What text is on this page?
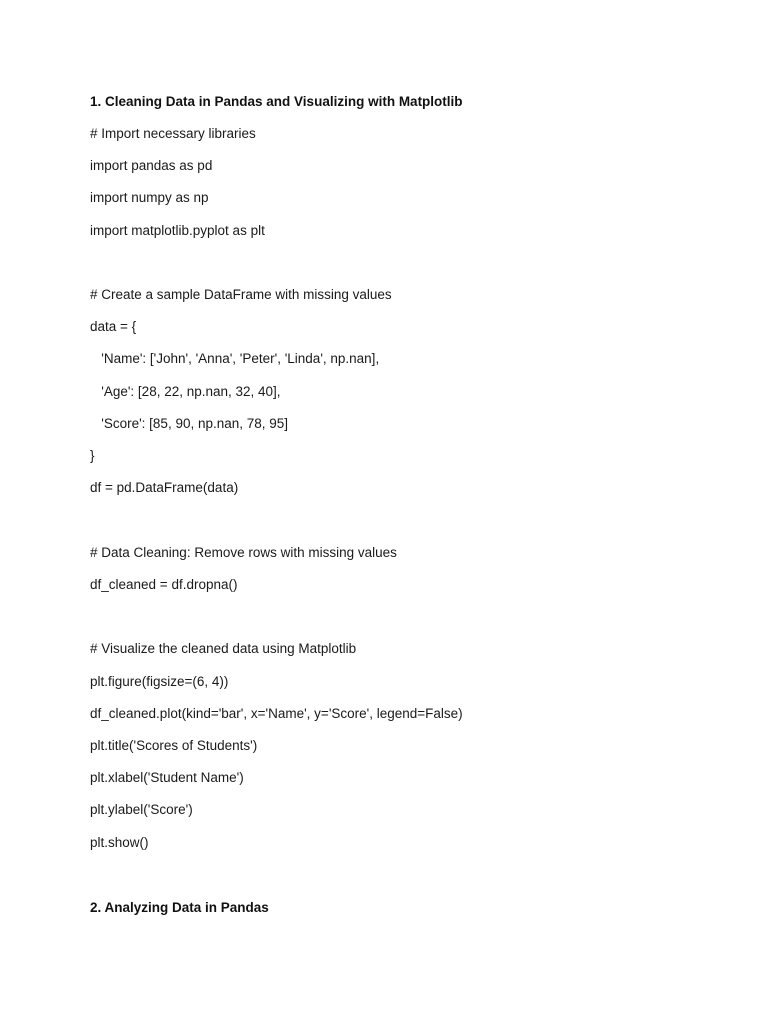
1. Cleaning Data in Pandas and Visualizing with Matplotlib
# Import necessary libraries
import pandas as pd
import numpy as np
import matplotlib.pyplot as plt
# Create a sample DataFrame with missing values
data = {
'Name': ['John', 'Anna', 'Peter', 'Linda', np.nan],
'Age': [28, 22, np.nan, 32, 40],
'Score': [85, 90, np.nan, 78, 95]
}
df = pd.DataFrame(data)
# Data Cleaning: Remove rows with missing values
df_cleaned = df.dropna()
# Visualize the cleaned data using Matplotlib
plt.figure(figsize=(6, 4))
df_cleaned.plot(kind='bar', x='Name', y='Score', legend=False)
plt.title('Scores of Students')
plt.xlabel('Student Name')
plt.ylabel('Score')
plt.show()
2. Analyzing Data in Pandas
